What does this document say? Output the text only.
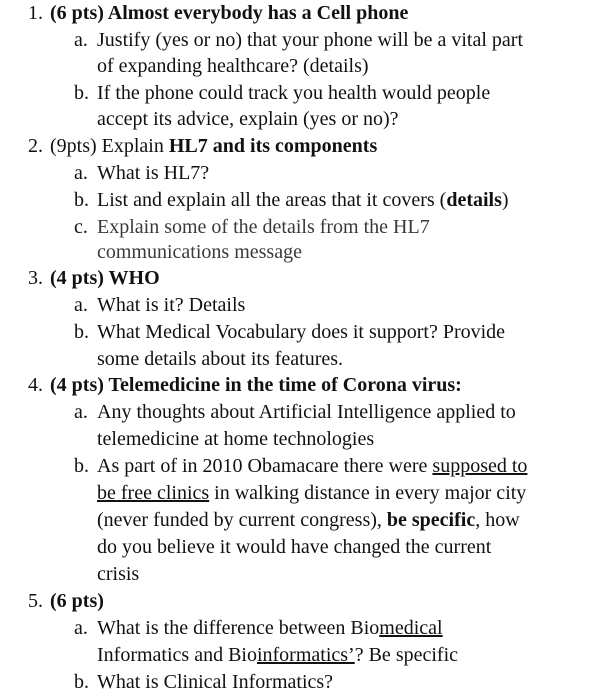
1. (6 pts) Almost everybody has a Cell phone
a. Justify (yes or no) that your phone will be a vital part
of expanding healthcare? (details)
b. If the phone could track you health would people
accept its advice, explain (yes or no)?
2. (9pts) Explain HL7 and its components
a. What is HL7?
b. List and explain all the areas that it covers (details)
c. Explain some of the details from the HL7
communications message
3. (4 pts) WHO
a. What is it? Details
b. What Medical Vocabulary does it support? Provide
some details about its features.
4. (4 pts) Telemedicine in the time of Corona virus:
a. Any thoughts about Artificial Intelligence applied to
telemedicine at home technologies
b. As part of in 2010 Obamacare there were supposed to
be free clinics in walking distance in every major city
(never funded by current congress), be specific, how
do you believe it would have changed the current
crisis
5. (6 pts)
a. What is the difference between Biomedical
Informatics and Bioinformatics’? Be specific
b. What is Clinical Informatics?
